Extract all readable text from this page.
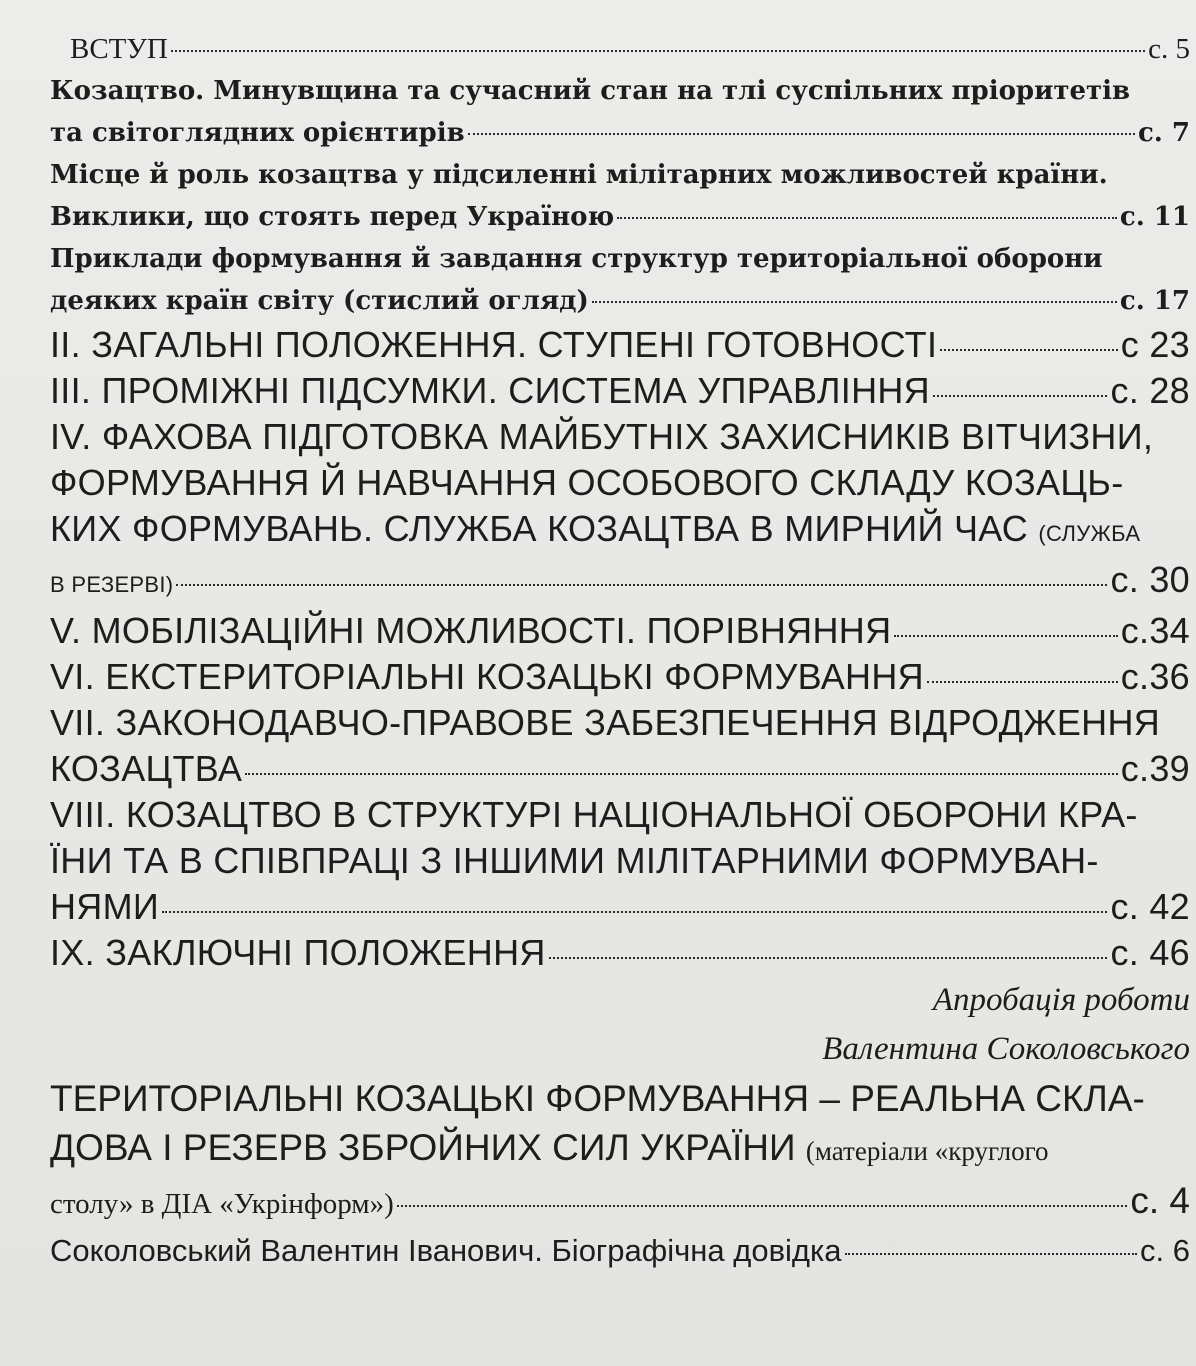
ВСТУП	с. 5
Козацтво. Минувщина та сучасний стан на тлі суспільних пріоритетів
та світоглядних орієнтирів	с. 7
Місце й роль козацтва у підсиленні мілітарних можливостей країни.
Виклики, що стоять перед Україною	с. 11
Приклади формування й завдання структур територіальної оборони
деяких країн світу (стислий огляд)	с. 17
II. ЗАГАЛЬНІ ПОЛОЖЕННЯ. СТУПЕНІ ГОТОВНОСТІ	с 23
III. ПРОМІЖНІ ПІДСУМКИ. СИСТЕМА УПРАВЛІННЯ	с. 28
IV. ФАХОВА ПІДГОТОВКА МАЙБУТНІХ ЗАХИСНИКІВ ВІТЧИЗНИ,
ФОРМУВАННЯ Й НАВЧАННЯ ОСОБОВОГО СКЛАДУ КОЗАЦЬ-
КИХ ФОРМУВАНЬ. СЛУЖБА КОЗАЦТВА В МИРНИЙ ЧАС (СЛУЖБА
В РЕЗЕРВІ)	с. 30
V. МОБІЛІЗАЦІЙНІ МОЖЛИВОСТІ. ПОРІВНЯННЯ	с.34
VI. ЕКСТЕРИТОРІАЛЬНІ КОЗАЦЬКІ ФОРМУВАННЯ	с.36
VII. ЗАКОНОДАВЧО-ПРАВОВЕ ЗАБЕЗПЕЧЕННЯ ВІДРОДЖЕННЯ
КОЗАЦТВА	с.39
VIII. КОЗАЦТВО В СТРУКТУРІ НАЦІОНАЛЬНОЇ ОБОРОНИ КРА-
ЇНИ ТА В СПІВПРАЦІ З ІНШИМИ МІЛІТАРНИМИ ФОРМУВАН-
НЯМИ	с. 42
IX. ЗАКЛЮЧНІ ПОЛОЖЕННЯ	с. 46
Апробація роботи
Валентина Соколовського
ТЕРИТОРІАЛЬНІ КОЗАЦЬКІ ФОРМУВАННЯ – РЕАЛЬНА СКЛА-
ДОВА І РЕЗЕРВ ЗБРОЙНИХ СИЛ УКРАЇНИ (матеріали «круглого
столу» в ДІА «Укрінформ»)	с. 4
Соколовський Валентин Іванович. Біографічна довідка	с. 6
